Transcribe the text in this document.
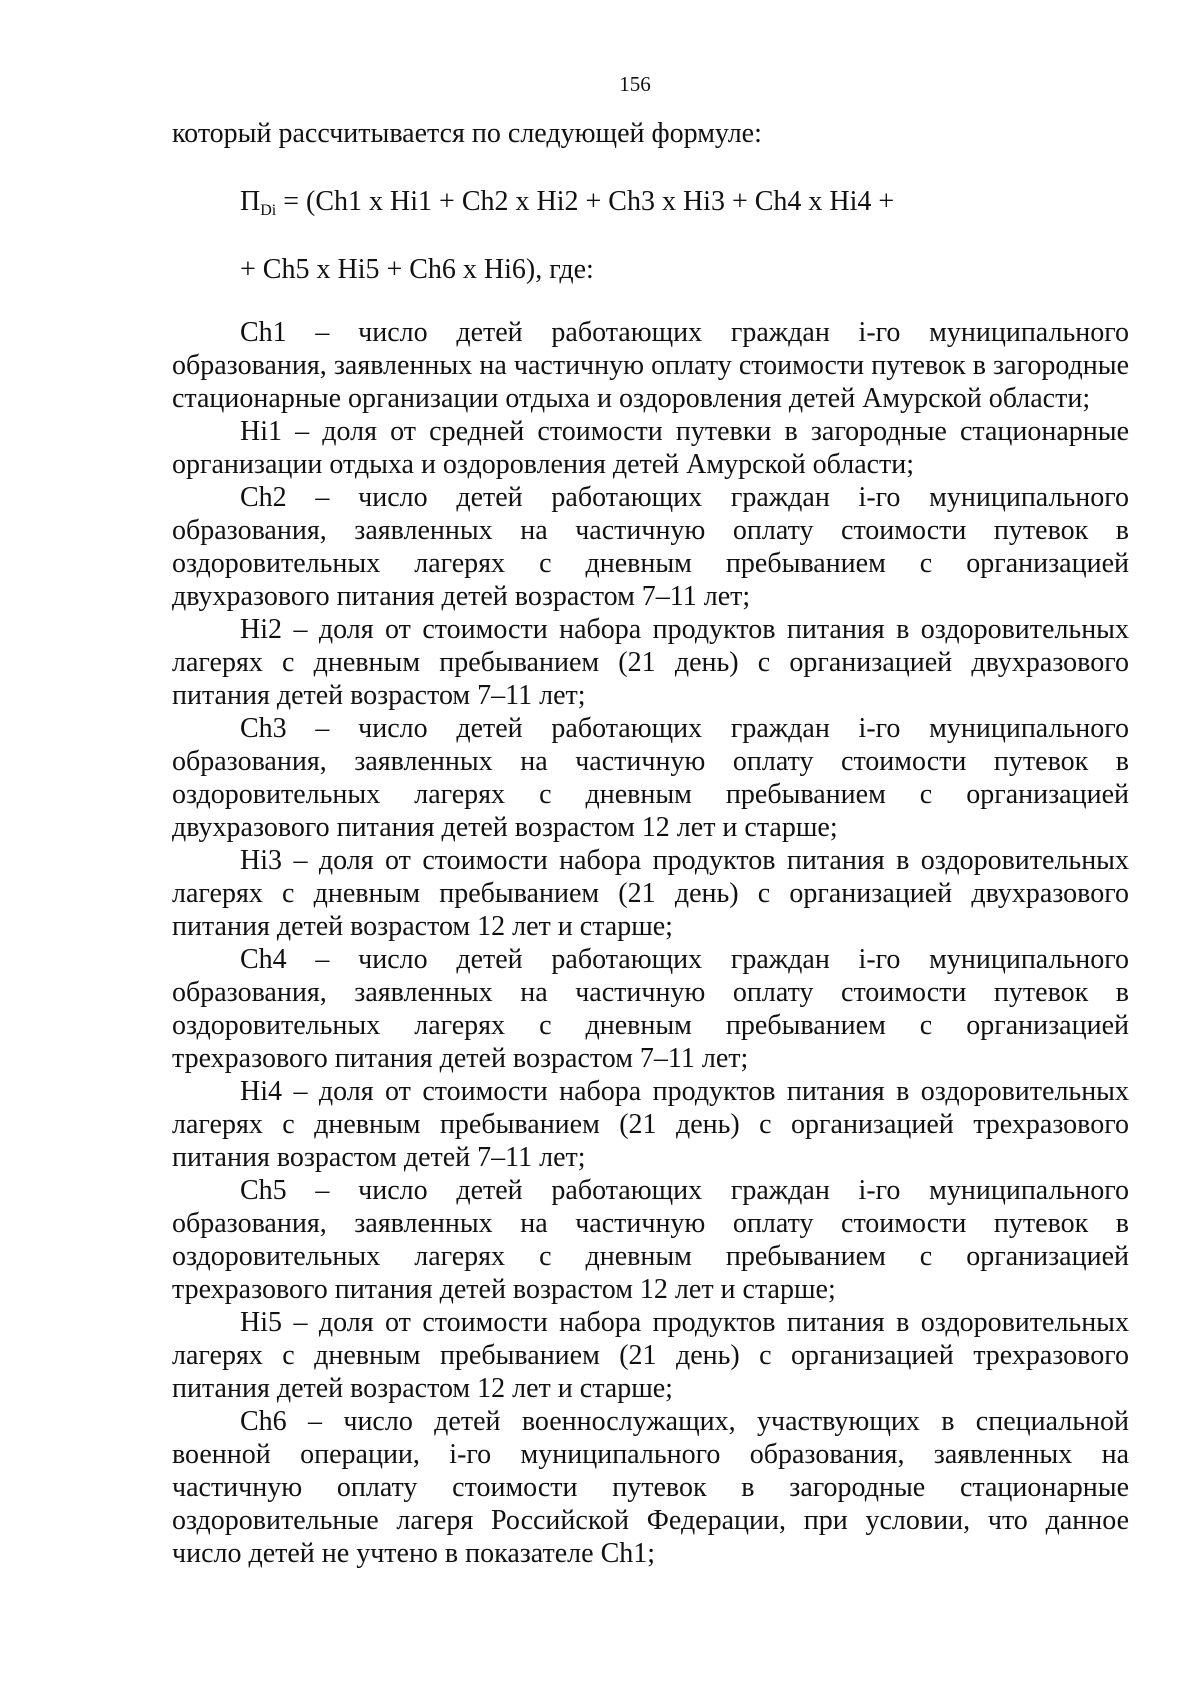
156
который рассчитывается по следующей формуле:
$П_{Di} = (Ch1$ x Hi1 + Ch2 x Hi2 + Ch3 x Hi3 + Ch4 x Hi4 +
+ Ch5 x Hi5 + Ch6 x Hi6), где:

Ch1 – число детей работающих граждан i-го муниципального образования, заявленных на частичную оплату стоимости путевок в загородные стационарные организации отдыха и оздоровления детей Амурской области;

Hi1 – доля от средней стоимости путевки в загородные стационарные организации отдыха и оздоровления детей Амурской области;

Ch2 – число детей работающих граждан i-го муниципального образования, заявленных на частичную оплату стоимости путевок в оздоровительных лагерях с дневным пребыванием с организацией двухразового питания детей возрастом 7–11 лет;

Hi2 – доля от стоимости набора продуктов питания в оздоровительных лагерях с дневным пребыванием (21 день) с организацией двухразового питания детей возрастом 7–11 лет;

Ch3 – число детей работающих граждан i-го муниципального образования, заявленных на частичную оплату стоимости путевок в оздоровительных лагерях с дневным пребыванием с организацией двухразового питания детей возрастом 12 лет и старше;

Hi3 – доля от стоимости набора продуктов питания в оздоровительных лагерях с дневным пребыванием (21 день) с организацией двухразового питания детей возрастом 12 лет и старше;

Ch4 – число детей работающих граждан i-го муниципального образования, заявленных на частичную оплату стоимости путевок в оздоровительных лагерях с дневным пребыванием с организацией трехразового питания детей возрастом 7–11 лет;

Hi4 – доля от стоимости набора продуктов питания в оздоровительных лагерях с дневным пребыванием (21 день) с организацией трехразового питания возрастом детей 7–11 лет;

Ch5 – число детей работающих граждан i-го муниципального образования, заявленных на частичную оплату стоимости путевок в оздоровительных лагерях с дневным пребыванием с организацией трехразового питания детей возрастом 12 лет и старше;

Hi5 – доля от стоимости набора продуктов питания в оздоровительных лагерях с дневным пребыванием (21 день) с организацией трехразового питания детей возрастом 12 лет и старше;

Ch6 – число детей военнослужащих, участвующих в специальной военной операции, i-го муниципального образования, заявленных на частичную оплату стоимости путевок в загородные стационарные оздоровительные лагеря Российской Федерации, при условии, что данное число детей не учтено в показателе Ch1;
